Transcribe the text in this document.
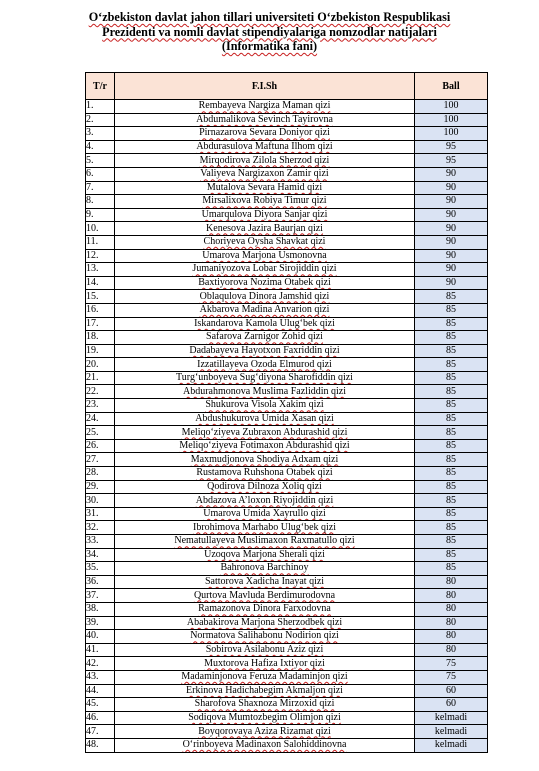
O‘zbekiston davlat jahon tillari universiteti O‘zbekiston Respublikasi
Prezidenti va nomli davlat stipendiyalariga nomzodlar natijalari
(Informatika fani)
T/r	F.I.Sh	Ball
1.	Rembayeva Nargiza Maman qizi	100
2.	Abdumalikova Sevinch Tayirovna	100
3.	Pirnazarova Sevara Doniyor qizi	100
4.	Abdurasulova Maftuna Ilhom qizi	95
5.	Mirqodirova Zilola Sherzod qizi	95
6.	Valiyeva Nargizaxon Zamir qizi	90
7.	Mutalova Sevara Hamid qizi	90
8.	Mirsalixova Robiya Timur qizi	90
9.	Umarqulova Diyora Sanjar qizi	90
10.	Kenesova Jazira Baurjan qizi	90
11.	Choriyeva Oysha Shavkat qizi	90
12.	Umarova Marjona Usmonovna	90
13.	Jumaniyozova Lobar Sirojiddin qizi	90
14.	Baxtiyorova Nozima Otabek qizi	90
15.	Oblaqulova Dinora Jamshid qizi	85
16.	Akbarova Madina Anvarion qizi	85
17.	Iskandarova Kamola Ulug‘bek qizi	85
18.	Safarova Zarnigor Zohid qizi	85
19.	Dadabayeva Hayotxon Faxriddin qizi	85
20.	Izzatillayeva Ozoda Elmurod qizi	85
21.	Turg‘unboyeva Sug‘diyona Sharofiddin qizi	85
22.	Abdurahmonova Muslima Fazliddin qizi	85
23.	Shukurova Visola Xakim qizi	85
24.	Abdushukurova Umida Xasan qizi	85
25.	Meliqo‘ziyeva Zubraxon Abdurashid qizi	85
26.	Meliqo‘ziyeva Fotimaxon Abdurashid qizi	85
27.	Maxmudjonova Shodiya Adxam qizi	85
28.	Rustamova Ruhshona Otabek qizi	85
29.	Qodirova Dilnoza Xoliq qizi	85
30.	Abdazova A’loxon Riyojiddin qizi	85
31.	Umarova Umida Xayrullo qizi	85
32.	Ibrohimova Marhabo Ulug‘bek qizi	85
33.	Nematullayeva Muslimaxon Raxmatullo qizi	85
34.	Uzoqova Marjona Sherali qizi	85
35.	Bahronova Barchinoy	85
36.	Sattorova Xadicha Inayat qizi	80
37.	Qurtova Mavluda Berdimurodovna	80
38.	Ramazonova Dinora Farxodovna	80
39.	Ababakirova Marjona Sherzodbek qizi	80
40.	Normatova Salihabonu Nodirion qizi	80
41.	Sobirova Asilabonu Aziz qizi	80
42.	Muxtorova Hafiza Ixtiyor qizi	75
43.	Madaminjonova Feruza Madaminjon qizi	75
44.	Erkinova Hadichabegim Akmaljon qizi	60
45.	Sharofova Shaxnoza Mirzoxid qizi	60
46.	Sodiqova Mumtozbegim Olimjon qizi	kelmadi
47.	Boyqorovaya Aziza Rizamat qizi	kelmadi
48.	O‘rinboyeva Madinaxon Salohiddinovna	kelmadi
